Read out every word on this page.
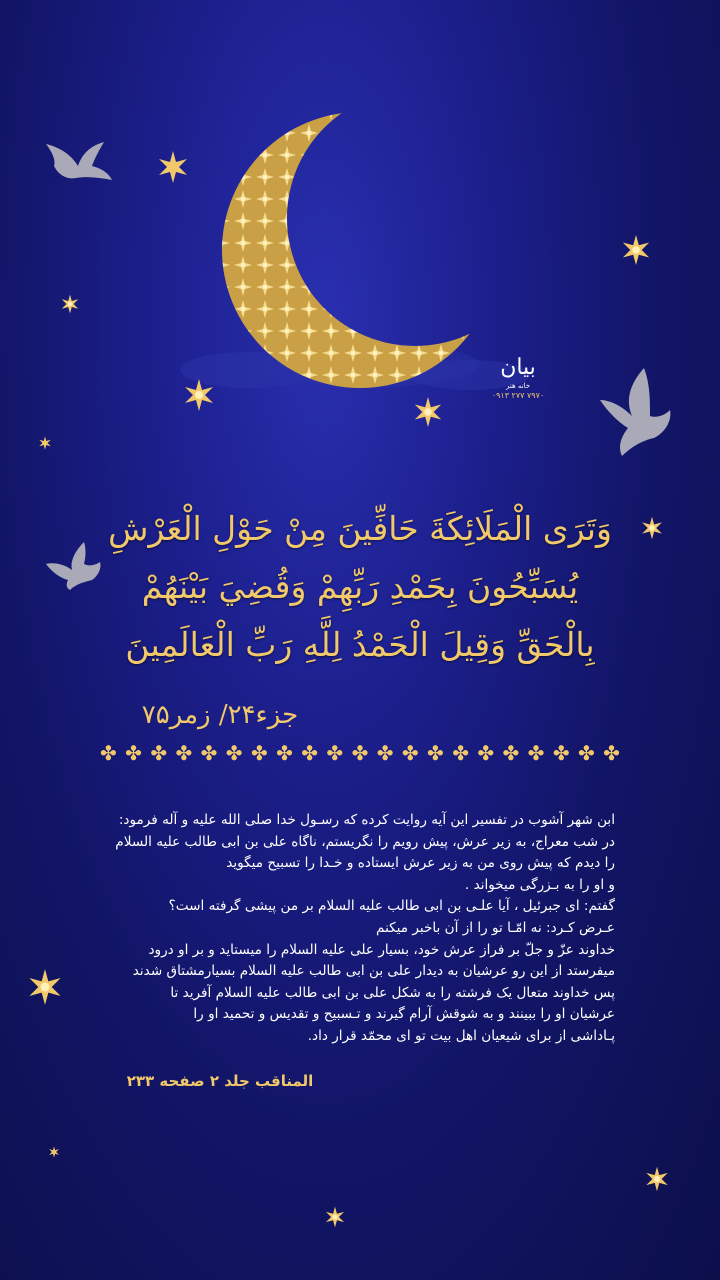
بیان
خانه هنر
۰۹۱۳ ۲۷۷ ۷۹۷۰
وَتَرَى الْمَلَائِكَةَ حَافِّينَ مِنْ حَوْلِ الْعَرْشِ
يُسَبِّحُونَ بِحَمْدِ رَبِّهِمْ وَقُضِيَ بَيْنَهُمْ
بِالْحَقِّ وَقِيلَ الْحَمْدُ لِلَّهِ رَبِّ الْعَالَمِينَ
جزء۲۴/ زمر۷۵
✤ ✤ ✤ ✤ ✤ ✤ ✤ ✤ ✤ ✤ ✤ ✤ ✤ ✤ ✤ ✤ ✤ ✤ ✤ ✤ ✤

ابن شهر آشوب در تفسیر این آیه روایت کرده که رسـول خدا صلی الله علیه و آله فرمود:

در شب معراج، به زیر عرش، پیش رویم را نگریستم، ناگاه علی بن ابی طالب علیه السلام

را دیدم که پیش روی من به زیر عرش ایستاده و خـدا را تسبیح میگوید

و او را به بـزرگی میخواند .

گفتم: ای جبرئیل ، آیا علـی بن ابی طالب علیه السلام بر من پیشی گرفته است؟

عـرض کـرد: نه امّـا تو را از آن باخبر میکنم

خداوند عزّ و جلّ بر فراز عرش خود، بسیار علی علیه السلام را میستاید و بر او درود

میفرستد از این رو عرشیان به دیدار علی بن ابی طالب علیه السلام بسیارمشتاق شدند

پس خداوند متعال یک فرشته را به شکل علی بن ابی طالب علیه السلام آفرید تا

عرشیان او را ببینند و به شوقش آرام گیرند و تـسبیح و تقدیس و تحمید او را

پـاداشی از برای شیعیان اهل بیت تو ای محمّد قرار داد.

المناقب جلد ۲ صفحه ۲۳۳
